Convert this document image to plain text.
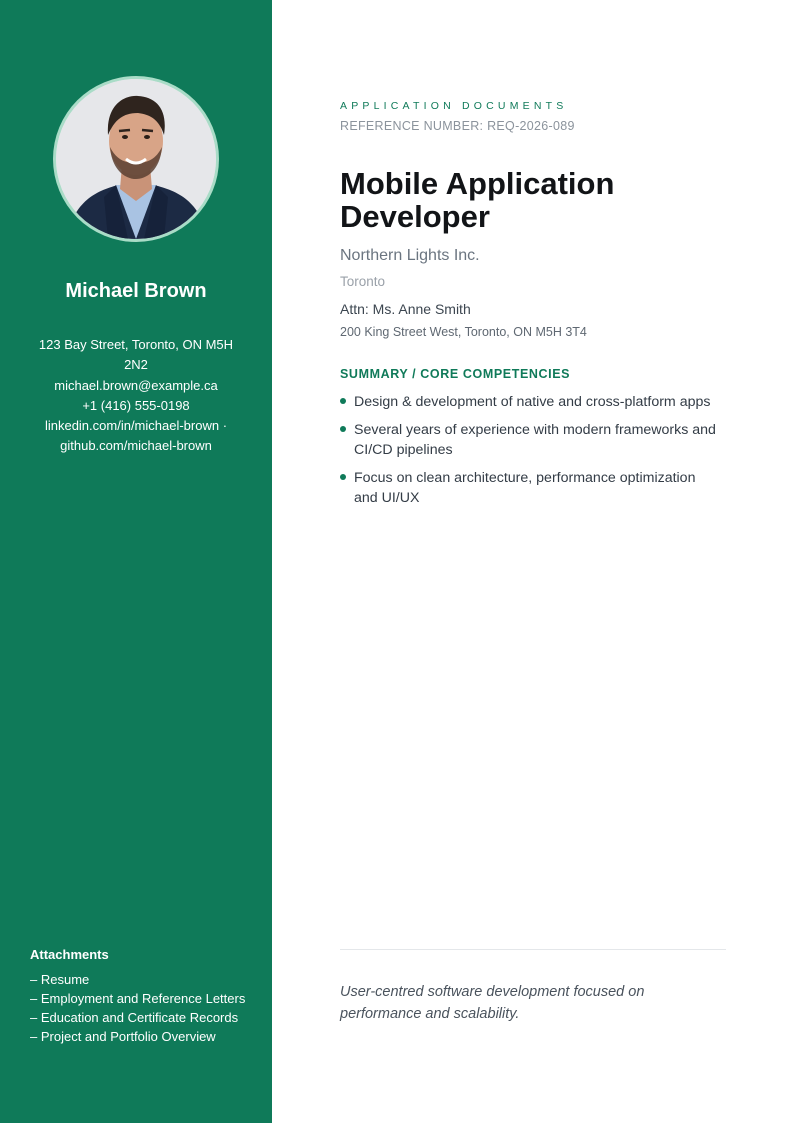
Michael Brown
123 Bay Street, Toronto, ON M5H
2N2
michael.brown@example.ca
+1 (416) 555-0198
linkedin.com/in/michael-brown ·
github.com/michael-brown
Attachments
– Resume
– Employment and Reference Letters
– Education and Certificate Records
– Project and Portfolio Overview
APPLICATION DOCUMENTS
REFERENCE NUMBER: REQ-2026-089
Mobile Application
Developer
Northern Lights Inc.
Toronto
Attn: Ms. Anne Smith
200 King Street West, Toronto, ON M5H 3T4
SUMMARY / CORE COMPETENCIES
Design & development of native and cross-platform apps
Several years of experience with modern frameworks and CI/CD pipelines
Focus on clean architecture, performance optimization and UI/UX
User-centred software development focused on performance and scalability.
